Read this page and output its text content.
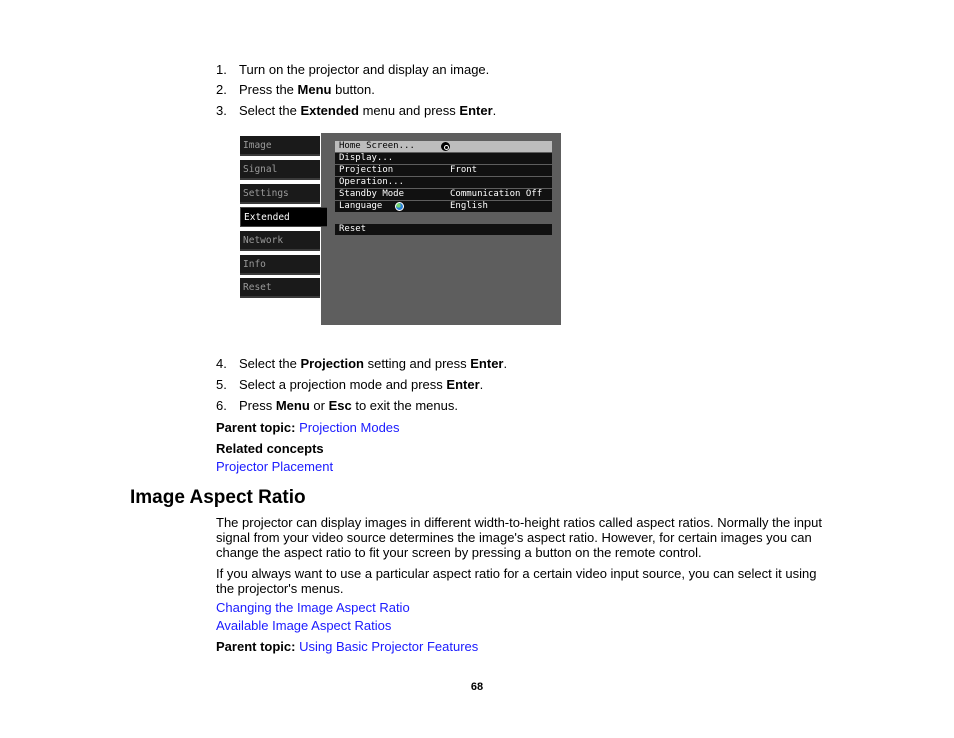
1. Turn on the projector and display an image.
2. Press the Menu button.
3. Select the Extended menu and press Enter.
Home Screen...
Display...
Projection	Front
Operation...
Standby Mode	Communication Off
Language	English
Reset
Image
Signal
Settings
Extended
Network
Info
Reset
4. Select the Projection setting and press Enter.
5. Select a projection mode and press Enter.
6. Press Menu or Esc to exit the menus.
Parent topic: Projection Modes
Related concepts
Projector Placement
Image Aspect Ratio
The projector can display images in different width-to-height ratios called aspect ratios. Normally the input signal from your video source determines the image's aspect ratio. However, for certain images you can change the aspect ratio to fit your screen by pressing a button on the remote control.
If you always want to use a particular aspect ratio for a certain video input source, you can select it using the projector's menus.
Changing the Image Aspect Ratio
Available Image Aspect Ratios
Parent topic: Using Basic Projector Features
68
